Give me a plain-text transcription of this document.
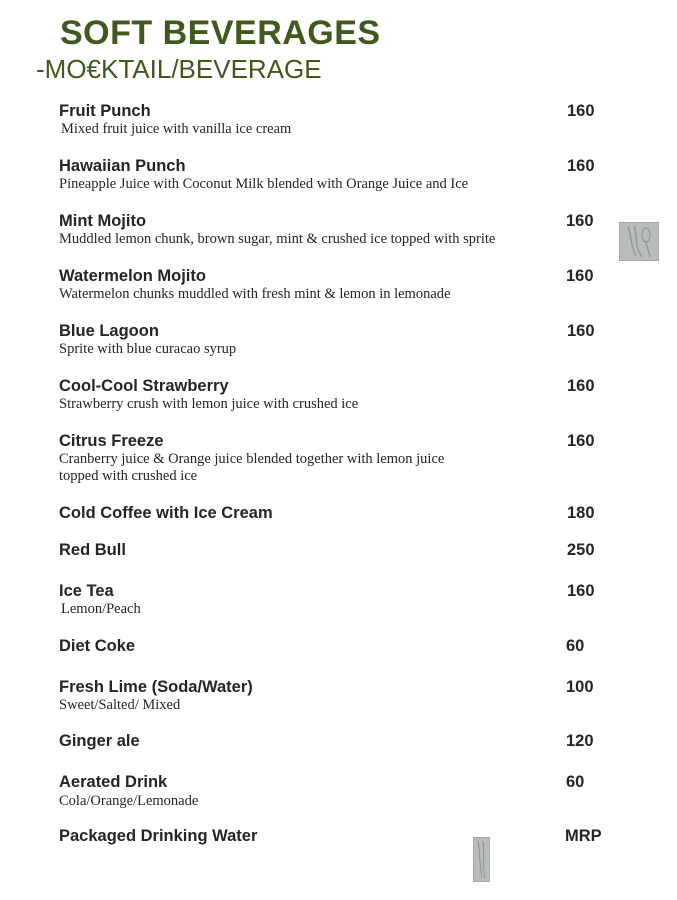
SOFT BEVERAGES
-MO€KTAIL/BEVERAGE
Fruit Punch	160
Mixed fruit juice with vanilla ice cream
Hawaiian Punch	160
Pineapple Juice with Coconut Milk blended with Orange Juice and Ice
Mint Mojito	160
Muddled lemon chunk, brown sugar, mint & crushed ice topped with sprite
Watermelon Mojito	160
Watermelon chunks muddled with fresh mint & lemon in lemonade
Blue Lagoon	160
Sprite with blue curacao syrup
Cool-Cool Strawberry	160
Strawberry crush with lemon juice with crushed ice
Citrus Freeze	160
Cranberry juice & Orange juice blended together with lemon juice
topped with crushed ice
Cold Coffee with Ice Cream	180
Red Bull	250
Ice Tea	160
Lemon/Peach
Diet Coke	60
Fresh Lime (Soda/Water)	100
Sweet/Salted/ Mixed
Ginger ale	120
Aerated Drink	60
Cola/Orange/Lemonade
Packaged Drinking Water	MRP
